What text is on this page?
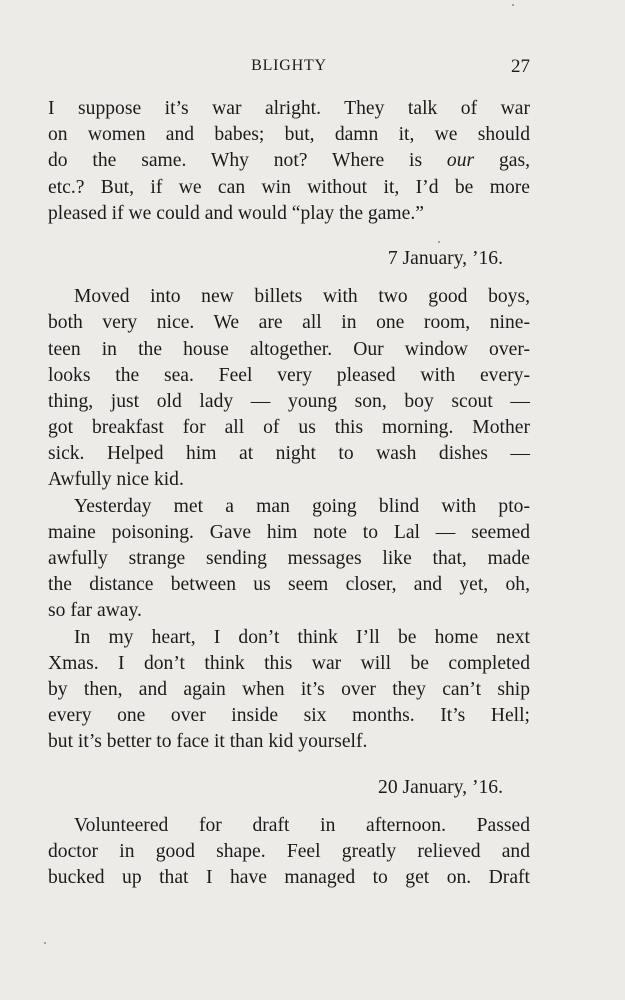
BLIGHTY	27
I suppose it’s war alright. They talk of war
on women and babes; but, damn it, we should
do the same. Why not? Where is our gas,
etc.? But, if we can win without it, I’d be more
pleased if we could and would “play the game.”
7 January, ’16.
Moved into new billets with two good boys,
both very nice. We are all in one room, nine-
teen in the house altogether. Our window over-
looks the sea. Feel very pleased with every-
thing, just old lady — young son, boy scout —
got breakfast for all of us this morning. Mother
sick. Helped him at night to wash dishes —
Awfully nice kid.
Yesterday met a man going blind with pto-
maine poisoning. Gave him note to Lal — seemed
awfully strange sending messages like that, made
the distance between us seem closer, and yet, oh,
so far away.
In my heart, I don’t think I’ll be home next
Xmas. I don’t think this war will be completed
by then, and again when it’s over they can’t ship
every one over inside six months. It’s Hell;
but it’s better to face it than kid yourself.
20 January, ’16.
Volunteered for draft in afternoon. Passed
doctor in good shape. Feel greatly relieved and
bucked up that I have managed to get on. Draft
